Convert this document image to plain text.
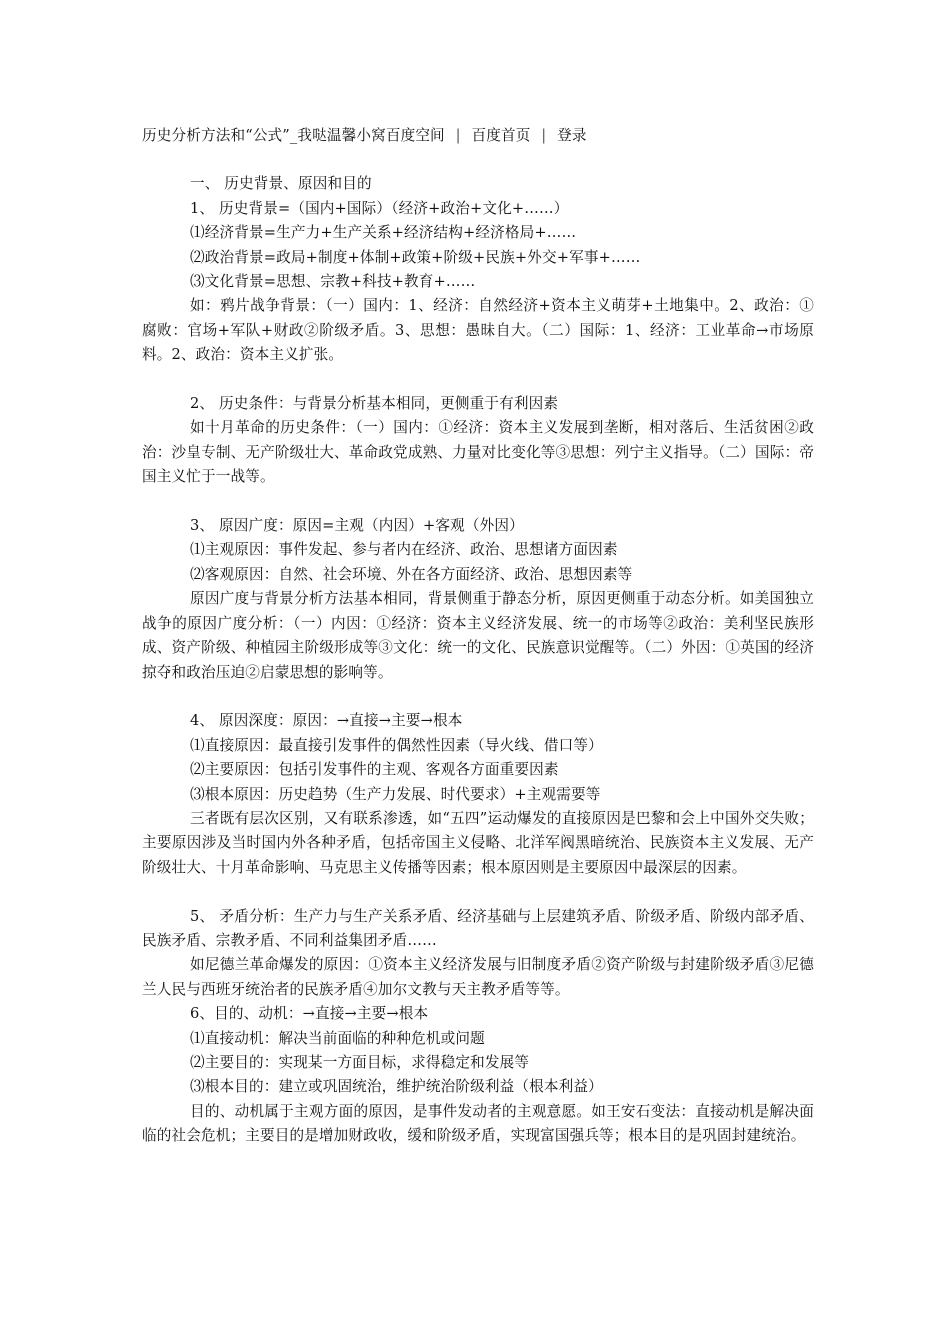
历史分析方法和“公式”_我哒温馨小窝百度空间 | 百度首页 | 登录

一、 历史背景、原因和目的

1、 历史背景=（国内+国际）（经济+政治+文化+……）

⑴经济背景=生产力+生产关系+经济结构+经济格局+……

⑵政治背景=政局+制度+体制+政策+阶级+民族+外交+军事+……

⑶文化背景=思想、宗教+科技+教育+……

如：鸦片战争背景：（一）国内：1、经济：自然经济+资本主义萌芽+土地集中。2、政治：①腐败：官场+军队+财政②阶级矛盾。3、思想：愚昧自大。（二）国际：1、经济：工业革命→市场原料。2、政治：资本主义扩张。

2、 历史条件：与背景分析基本相同，更侧重于有利因素

如十月革命的历史条件：（一）国内：①经济：资本主义发展到垄断，相对落后、生活贫困②政治：沙皇专制、无产阶级壮大、革命政党成熟、力量对比变化等③思想：列宁主义指导。（二）国际：帝国主义忙于一战等。

3、 原因广度：原因=主观（内因）+客观（外因）

⑴主观原因：事件发起、参与者内在经济、政治、思想诸方面因素

⑵客观原因：自然、社会环境、外在各方面经济、政治、思想因素等

原因广度与背景分析方法基本相同，背景侧重于静态分析，原因更侧重于动态分析。如美国独立战争的原因广度分析：（一）内因：①经济：资本主义经济发展、统一的市场等②政治：美利坚民族形成、资产阶级、种植园主阶级形成等③文化：统一的文化、民族意识觉醒等。（二）外因：①英国的经济掠夺和政治压迫②启蒙思想的影响等。

4、 原因深度：原因：→直接→主要→根本

⑴直接原因：最直接引发事件的偶然性因素（导火线、借口等）

⑵主要原因：包括引发事件的主观、客观各方面重要因素

⑶根本原因：历史趋势（生产力发展、时代要求）+主观需要等

三者既有层次区别，又有联系渗透，如“五四”运动爆发的直接原因是巴黎和会上中国外交失败；主要原因涉及当时国内外各种矛盾，包括帝国主义侵略、北洋军阀黑暗统治、民族资本主义发展、无产阶级壮大、十月革命影响、马克思主义传播等因素；根本原因则是主要原因中最深层的因素。

5、 矛盾分析：生产力与生产关系矛盾、经济基础与上层建筑矛盾、阶级矛盾、阶级内部矛盾、民族矛盾、宗教矛盾、不同利益集团矛盾……

如尼德兰革命爆发的原因：①资本主义经济发展与旧制度矛盾②资产阶级与封建阶级矛盾③尼德兰人民与西班牙统治者的民族矛盾④加尔文教与天主教矛盾等等。

6、目的、动机：→直接→主要→根本

⑴直接动机：解决当前面临的种种危机或问题

⑵主要目的：实现某一方面目标，求得稳定和发展等

⑶根本目的：建立或巩固统治，维护统治阶级利益（根本利益）

目的、动机属于主观方面的原因，是事件发动者的主观意愿。如王安石变法：直接动机是解决面临的社会危机；主要目的是增加财政收，缓和阶级矛盾，实现富国强兵等；根本目的是巩固封建统治。
